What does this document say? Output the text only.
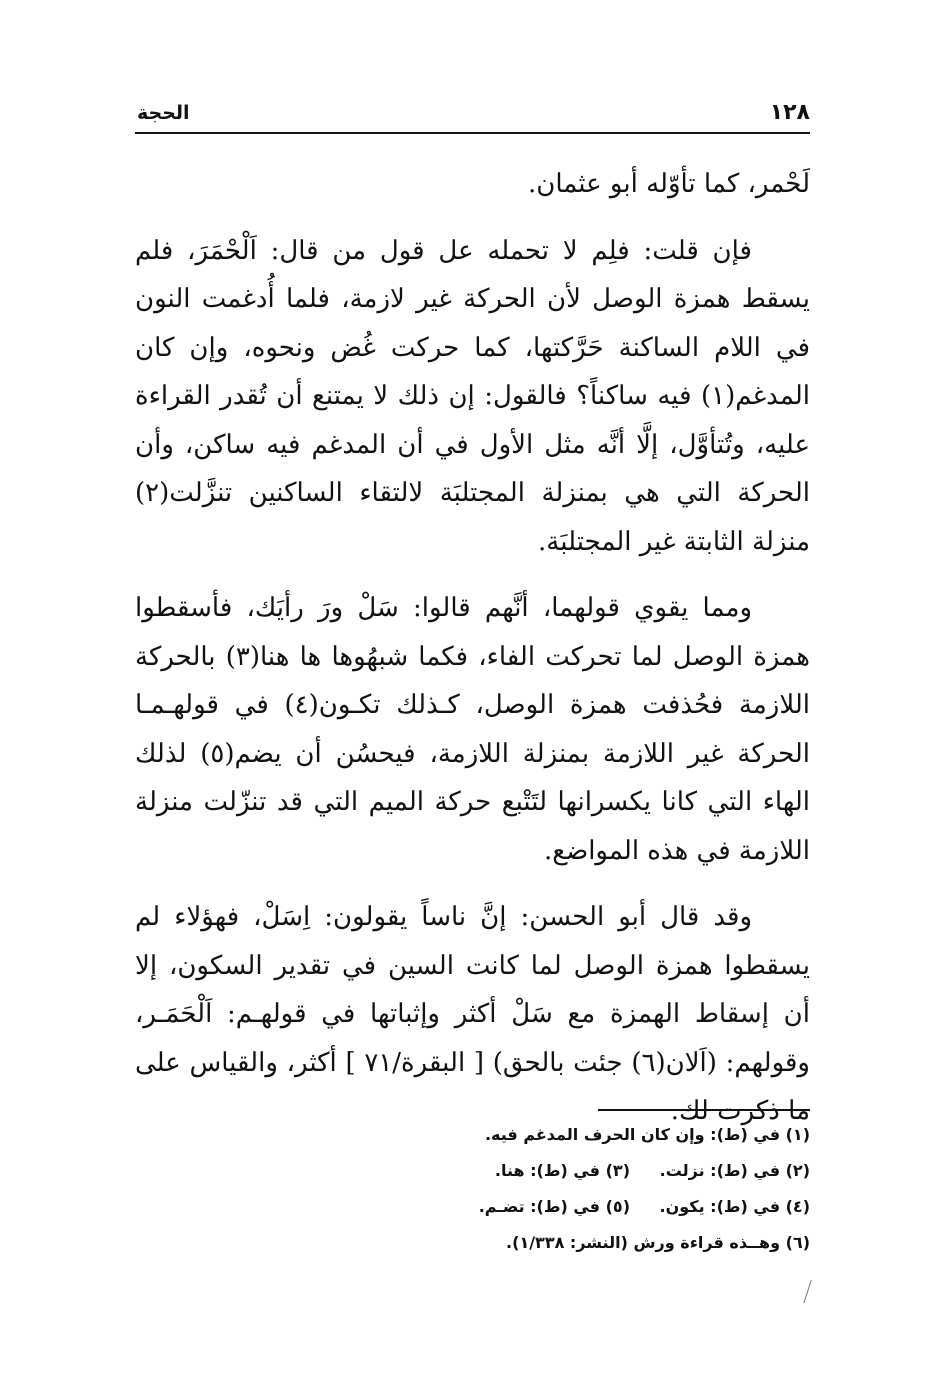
١٢٨
الحجة

لَحْمر، كما تأوّله أبو عثمان.

فإن قلت: فلِم لا تحمله عل قول من قال: اَلْحْمَرَ، فلم يسقط همزة الوصل لأن الحركة غير لازمة، فلما أُدغمت النون في اللام الساكنة حَرَّكتها، كما حركت غُض ونحوه، وإن كان المدغم(١) فيه ساكناً؟ فالقول: إن ذلك لا يمتنع أن تُقدر القراءة عليه، وتُتأوَّل، إلَّا أنَّه مثل الأول في أن المدغم فيه ساكن، وأن الحركة التي هي بمنزلة المجتلبَة لالتقاء الساكنين تنزَّلت(٢) منزلة الثابتة غير المجتلبَة.

ومما يقوي قولهما، أنَّهم قالوا: سَلْ ورَ رأيَك، فأسقطوا همزة الوصل لما تحركت الفاء، فكما شبهُوها ها هنا(٣) بالحركة اللازمة فحُذفت همزة الوصل، كـذلك تكـون(٤) في قولهـمـا الحركة غير اللازمة بمنزلة اللازمة، فيحسُن أن يضم(٥) لذلك الهاء التي كانا يكسرانها لتَتْبع حركة الميم التي قد تنزّلت منزلة اللازمة في هذه المواضع.

وقد قال أبو الحسن: إنَّ ناساً يقولون: اِسَلْ، فهؤلاء لم يسقطوا همزة الوصل لما كانت السين في تقدير السكون، إلا أن إسقاط الهمزة مع سَلْ أكثر وإثباتها في قولهـم: اَلْحَمَـر، وقولهم: (اَلان(٦) جئت بالحق) [ البقرة/٧١ ] أكثر، والقياس على ما ذكرت لك.

(١) في (ط): وإن كان الحرف المدغم فيه.
(٢) في (ط): نزلت.
(٣) في (ط): هنا.
(٤) في (ط): يكون.
(٥) في (ط): تضـم.
(٦) وهــذه قراءة ورش (النشر: ١/٣٣٨).
